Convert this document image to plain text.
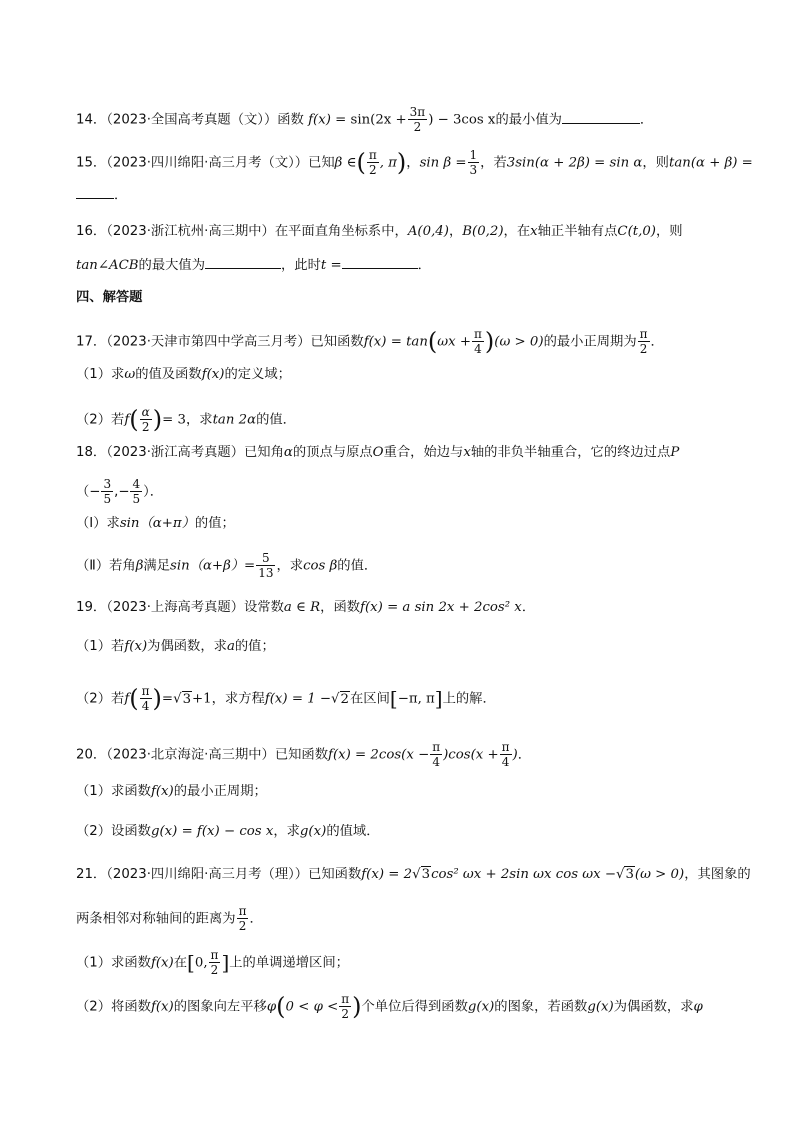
14．（2023·全国高考真题（文））函数 $f(x) = \sin(2x + \frac{3\pi}{2}$ ) − 3cos x的最小值为	．
15．（2023·四川绵阳·高三月考（文））已知β ∈( $\frac{\pi}{2}$ , π)，$\sin \beta = \frac{1}{3}$ ，若3sin(α + 2β) = sin α，则tan(α + β) =
．
16．（2023·浙江杭州·高三期中）在平面直角坐标系中，A(0,4)，B(0,2)，在x轴正半轴有点C(t,0)，则
tan∠ACB的最大值为	，此时t =	．
四、解答题
17．（2023·天津市第四中学高三月考）已知函数$f(x) = \tan(\omega x + \frac{\pi}{4} )(\omega > 0)$的最小正周期为 $\frac{\pi}{2}$ ．
（1）求ω的值及函数f(x)的定义域；
（2）若$f( \frac{\alpha}{2}$ )= 3，求tan 2α的值．
18．（2023·浙江高考真题）已知角α的顶点与原点O重合，始边与x轴的非负半轴重合，它的终边过点P
（− $\frac{3}{5}$ ,− $\frac{4}{5}$ ）．
（Ⅰ）求sin（α+π）的值；
（Ⅱ）若角β满足$\sin(\alpha+\beta)= \frac{5}{13}$ ，求cos β的值．
19．（2023·上海高考真题）设常数a ∈ R，函数f(x) = a sin 2x + 2cos² x．
（1）若f(x)为偶函数，求a的值；
（2）若$f( \frac{\pi}{4} )=√3+1$，求方程f(x) = 1 −√2在区间[−π, π]上的解．
20．（2023·北京海淀·高三期中）已知函数$f(x) = 2\cos(x - \frac{\pi}{4} )\cos(x + \frac{\pi}{4}$ )．
（1）求函数f(x)的最小正周期；
（2）设函数g(x) = f(x) − cos x，求g(x)的值域．
21．（2023·四川绵阳·高三月考（理））已知函数f(x) = 2√3cos² ωx + 2sin ωx cos ωx −√3(ω > 0)，其图象的
两条相邻对称轴间的距离为 $\frac{\pi}{2}$ ．
（1）求函数f(x)在[0, $\frac{\pi}{2}$ ]上的单调递增区间；
（2）将函数f(x)的图象向左平移$\varphi(0 < \varphi < \frac{\pi}{2}$ )个单位后得到函数g(x)的图象，若函数g(x)为偶函数，求φ
